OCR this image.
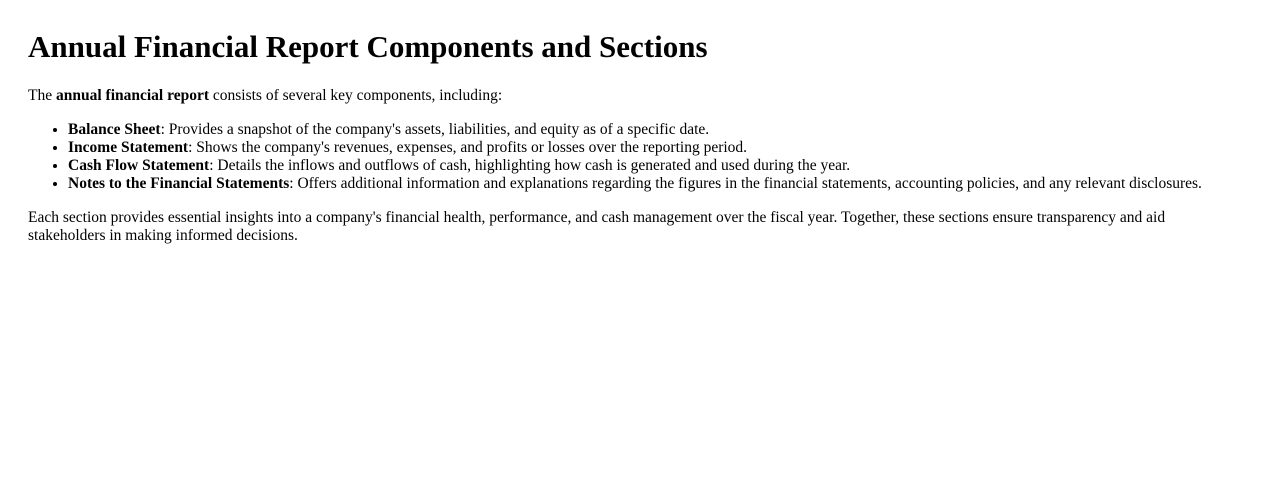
Annual Financial Report Components and Sections

The annual financial report consists of several key components, including:

• Balance Sheet: Provides a snapshot of the company's assets, liabilities, and equity as of a specific date.
• Income Statement: Shows the company's revenues, expenses, and profits or losses over the reporting period.
• Cash Flow Statement: Details the inflows and outflows of cash, highlighting how cash is generated and used during the year.
• Notes to the Financial Statements: Offers additional information and explanations regarding the figures in the financial statements, accounting policies, and any relevant disclosures.

Each section provides essential insights into a company's financial health, performance, and cash management over the fiscal year. Together, these sections ensure transparency and aid stakeholders in making informed decisions.
